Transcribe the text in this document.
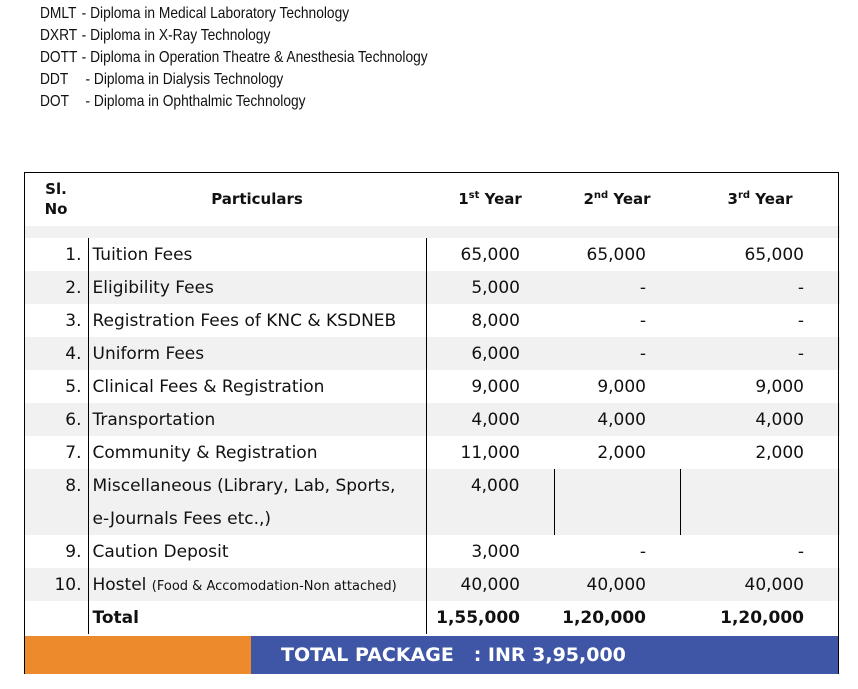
DMLT - Diploma in Medical Laboratory Technology
DXRT - Diploma in X-Ray Technology
DOTT - Diploma in Operation Theatre & Anesthesia Technology
DDT - Diploma in Dialysis Technology
DOT - Diploma in Ophthalmic Technology
Sl.
No	Particulars	1st Year	2nd Year	3rd Year

1.	Tuition Fees	65,000	65,000	65,000
2.	Eligibility Fees	5,000	-	-
3.	Registration Fees of KNC & KSDNEB	8,000	-	-
4.	Uniform Fees	6,000	-	-
5.	Clinical Fees & Registration	9,000	9,000	9,000
6.	Transportation	4,000	4,000	4,000
7.	Community & Registration	11,000	2,000	2,000
8.	Miscellaneous (Library, Lab, Sports,	4,000		
	e-Journals Fees etc.,)			
9.	Caution Deposit	3,000	-	-
10.	Hostel (Food & Accomodation-Non attached)	40,000	40,000	40,000
	Total	1,55,000	1,20,000	1,20,000
TOTAL PACKAGE   : INR 3,95,000
